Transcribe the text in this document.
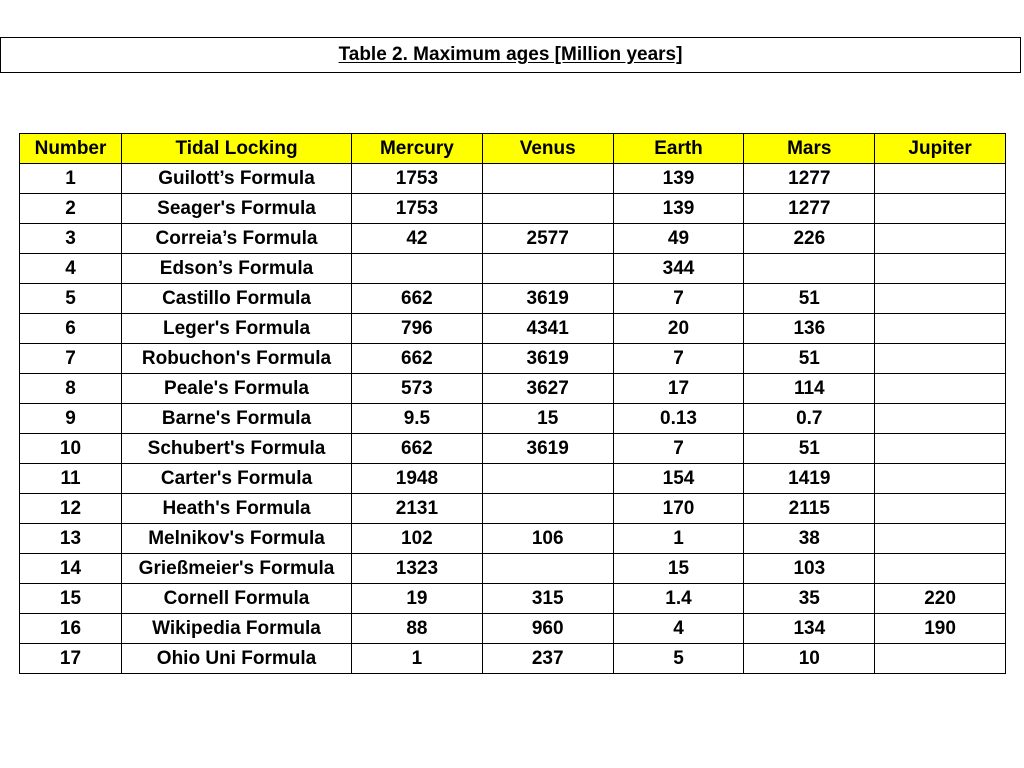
Table 2. Maximum ages [Million years]
Number	Tidal Locking	Mercury	Venus	Earth	Mars	Jupiter
1	Guilott’s Formula	1753		139	1277	
2	Seager's Formula	1753		139	1277	
3	Correia’s Formula	42	2577	49	226	
4	Edson’s Formula			344		
5	Castillo Formula	662	3619	7	51	
6	Leger's Formula	796	4341	20	136	
7	Robuchon's Formula	662	3619	7	51	
8	Peale's Formula	573	3627	17	114	
9	Barne's Formula	9.5	15	0.13	0.7	
10	Schubert's Formula	662	3619	7	51	
11	Carter's Formula	1948		154	1419	
12	Heath's Formula	2131		170	2115	
13	Melnikov's Formula	102	106	1	38	
14	Grießmeier's Formula	1323		15	103	
15	Cornell Formula	19	315	1.4	35	220
16	Wikipedia Formula	88	960	4	134	190
17	Ohio Uni Formula	1	237	5	10	
